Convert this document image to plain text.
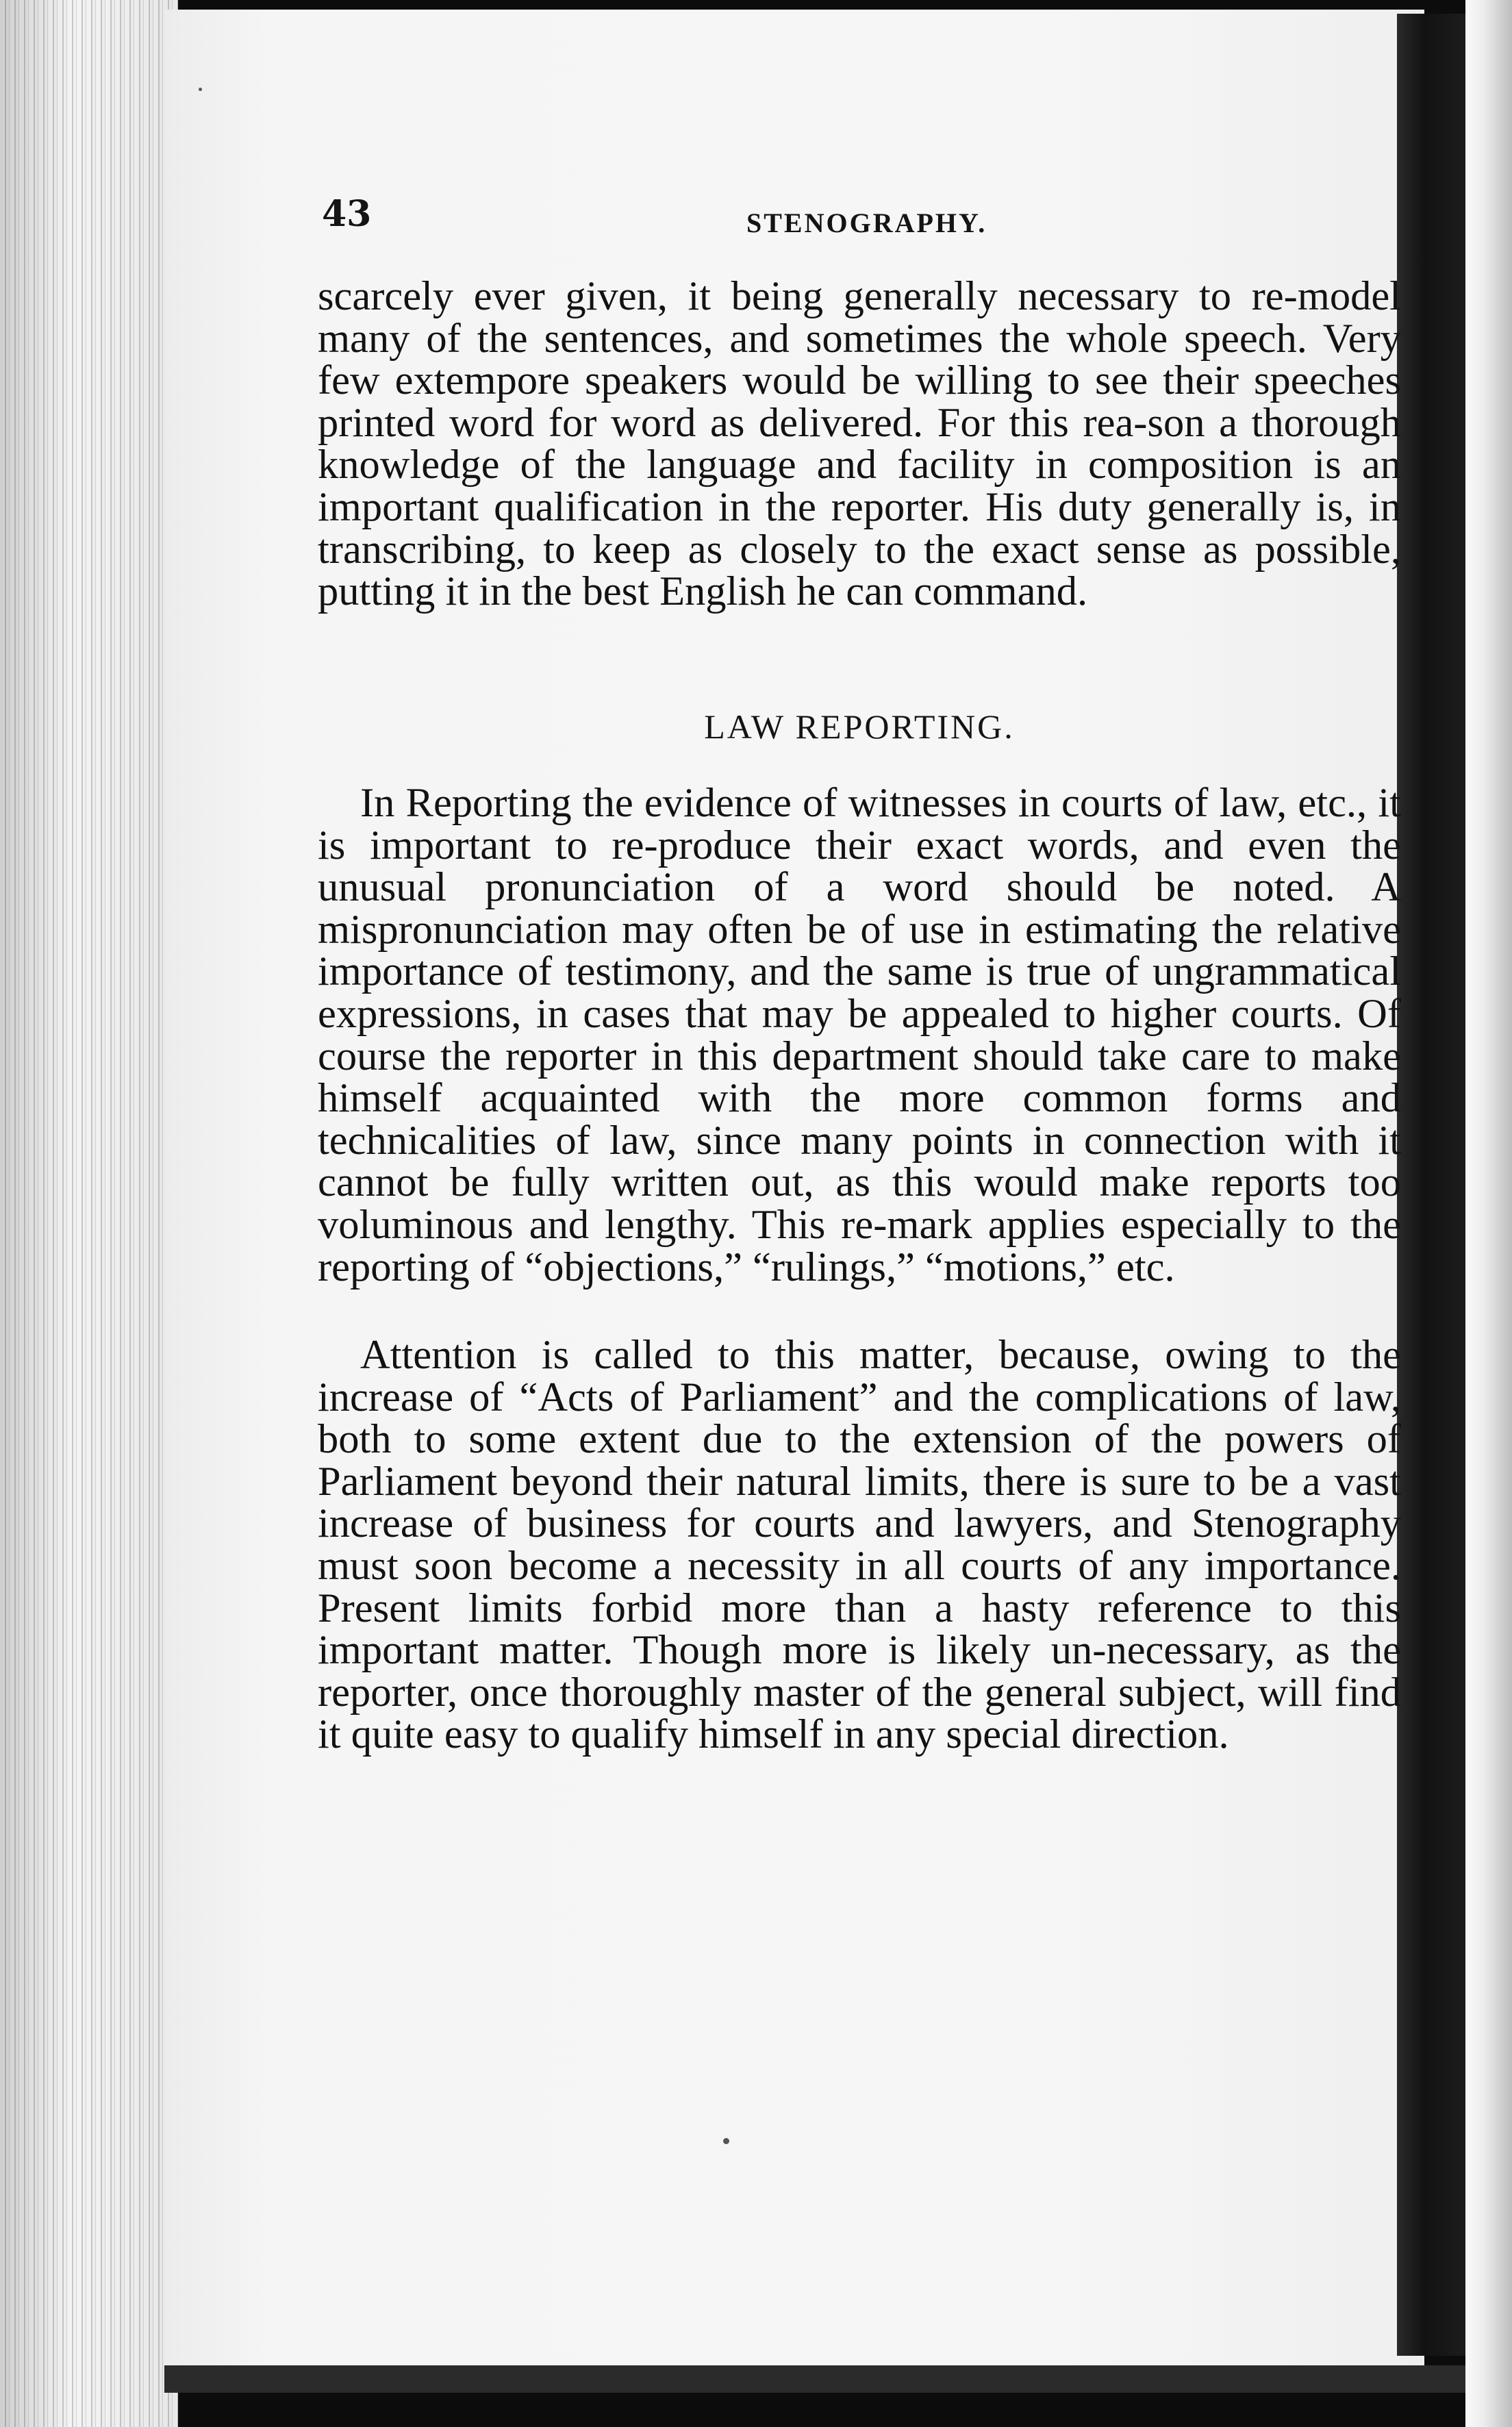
43	STENOGRAPHY.

scarcely ever given, it being generally necessary to re-model many of the sentences, and sometimes the whole speech. Very few extempore speakers would be willing to see their speeches printed word for word as delivered. For this rea-son a thorough knowledge of the language and facility in composition is an important qualification in the reporter. His duty generally is, in transcribing, to keep as closely to the exact sense as possible, putting it in the best English he can command.

LAW REPORTING.

In Reporting the evidence of witnesses in courts of law, etc., it is important to re-produce their exact words, and even the unusual pronunciation of a word should be noted. A mispronunciation may often be of use in estimating the relative importance of testimony, and the same is true of ungrammatical expressions, in cases that may be appealed to higher courts. Of course the reporter in this department should take care to make himself acquainted with the more common forms and technicalities of law, since many points in connection with it cannot be fully written out, as this would make reports too voluminous and lengthy. This re-mark applies especially to the reporting of “objections,” “rulings,” “motions,” etc.

Attention is called to this matter, because, owing to the increase of “Acts of Parliament” and the complications of law, both to some extent due to the extension of the powers of Parliament beyond their natural limits, there is sure to be a vast increase of business for courts and lawyers, and Stenography must soon become a necessity in all courts of any importance. Present limits forbid more than a hasty reference to this important matter. Though more is likely un-necessary, as the reporter, once thoroughly master of the general subject, will find it quite easy to qualify himself in any special direction.
